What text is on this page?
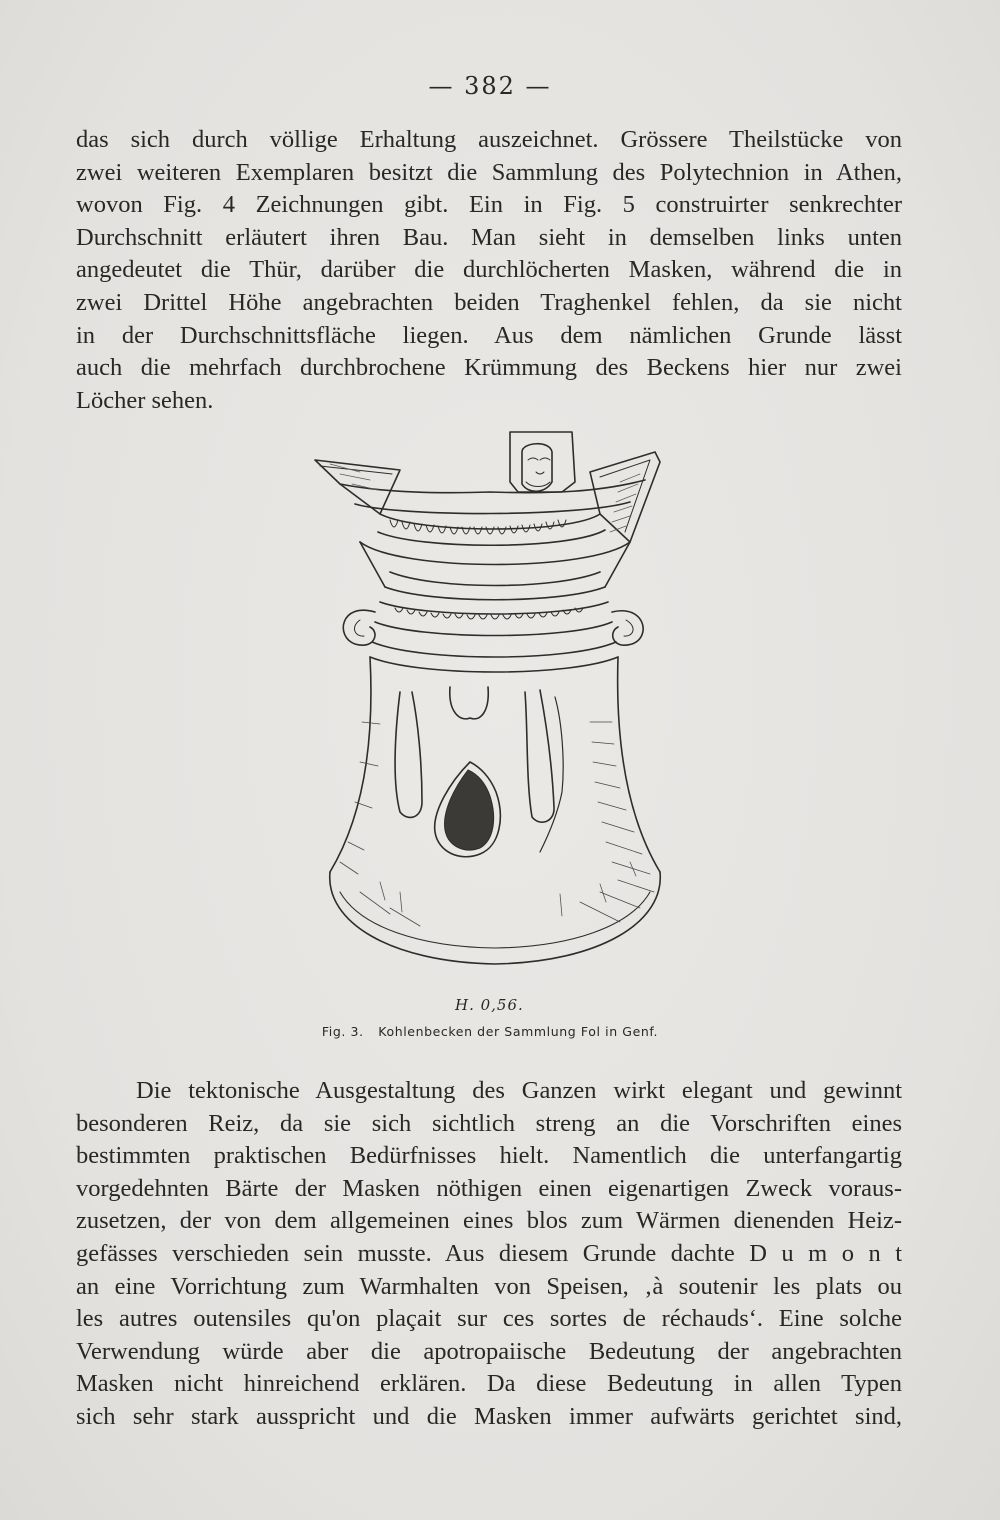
— 382 —
das sich durch völlige Erhaltung auszeichnet. Grössere Theilstücke von
zwei weiteren Exemplaren besitzt die Sammlung des Polytechnion in Athen,
wovon Fig. 4 Zeichnungen gibt. Ein in Fig. 5 construirter senkrechter
Durchschnitt erläutert ihren Bau. Man sieht in demselben links unten
angedeutet die Thür, darüber die durchlöcherten Masken, während die in
zwei Drittel Höhe angebrachten beiden Traghenkel fehlen, da sie nicht
in der Durchschnittsfläche liegen. Aus dem nämlichen Grunde lässt
auch die mehrfach durchbrochene Krümmung des Beckens hier nur zwei
Löcher sehen.
H. 0,56.
Fig. 3. Kohlenbecken der Sammlung Fol in Genf.
Die tektonische Ausgestaltung des Ganzen wirkt elegant und gewinnt
besonderen Reiz, da sie sich sichtlich streng an die Vorschriften eines
bestimmten praktischen Bedürfnisses hielt. Namentlich die unterfangartig
vorgedehnten Bärte der Masken nöthigen einen eigenartigen Zweck voraus-
zusetzen, der von dem allgemeinen eines blos zum Wärmen dienenden Heiz-
gefässes verschieden sein musste. Aus diesem Grunde dachte D u m o n t
an eine Vorrichtung zum Warmhalten von Speisen, ‚à soutenir les plats ou
les autres outensiles qu'on plaçait sur ces sortes de réchauds‘. Eine solche
Verwendung würde aber die apotropaiische Bedeutung der angebrachten
Masken nicht hinreichend erklären. Da diese Bedeutung in allen Typen
sich sehr stark ausspricht und die Masken immer aufwärts gerichtet sind,
